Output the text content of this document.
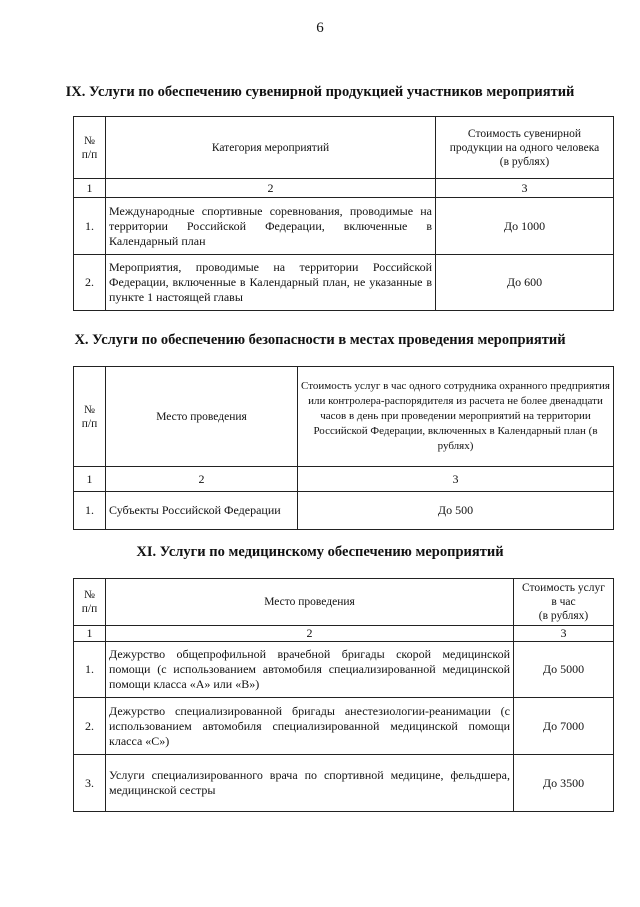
6
IX. Услуги по обеспечению сувенирной продукцией участников мероприятий
№
п/п	Категория мероприятий	Стоимость сувенирной
продукции на одного человека
(в рублях)
1	2	3
1.	Международные спортивные соревнования, проводимые на территории Российской Федерации, включенные в Календарный план	До 1000
2.	Мероприятия, проводимые на территории Российской Федерации, включенные в Календарный план, не указанные в пункте 1 настоящей главы	До 600
X. Услуги по обеспечению безопасности в местах проведения мероприятий
№
п/п	Место проведения	Стоимость услуг в час одного сотрудника охранного предприятия или контролера-распорядителя из расчета не более двенадцати часов в день при проведении мероприятий на территории Российской Федерации, включенных в Календарный план (в рублях)
1	2	3
1.	Субъекты Российской Федерации	До 500
XI. Услуги по медицинскому обеспечению мероприятий
№
п/п	Место проведения	Стоимость услуг
в час
(в рублях)
1	2	3
1.	Дежурство общепрофильной врачебной бригады скорой медицинской помощи (с использованием автомобиля специализированной медицинской помощи класса «А» или «В»)	До 5000
2.	Дежурство специализированной бригады анестезиологии-реанимации (с использованием автомобиля специализированной медицинской помощи класса «С»)	До 7000
3.	Услуги специализированного врача по спортивной медицине, фельдшера, медицинской сестры	До 3500
